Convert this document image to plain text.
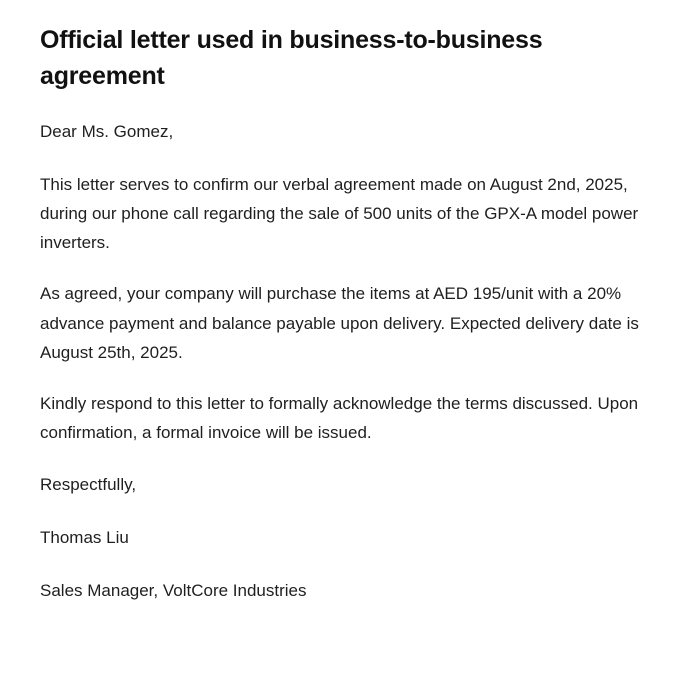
Official letter used in business-to-business agreement

Dear Ms. Gomez,

This letter serves to confirm our verbal agreement made on August 2nd, 2025, during our phone call regarding the sale of 500 units of the GPX-A model power inverters.

As agreed, your company will purchase the items at AED 195/unit with a 20% advance payment and balance payable upon delivery. Expected delivery date is August 25th, 2025.

Kindly respond to this letter to formally acknowledge the terms discussed. Upon confirmation, a formal invoice will be issued.

Respectfully,

Thomas Liu

Sales Manager, VoltCore Industries
